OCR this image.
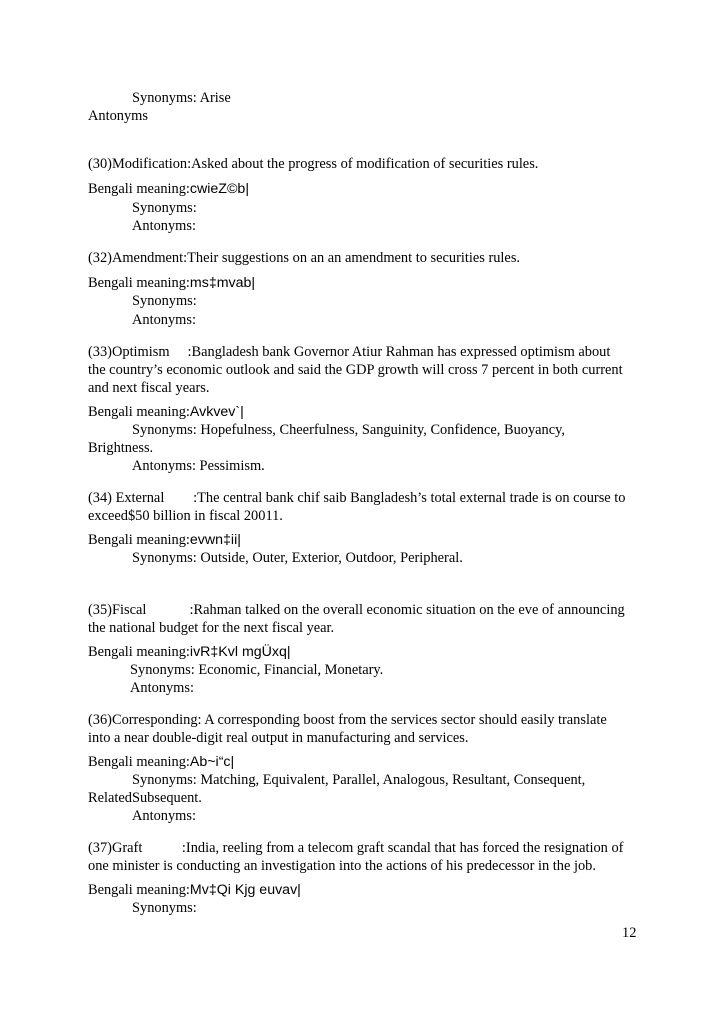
Synonyms: Arise
Antonyms
(30)Modification:Asked about the progress of modification of securities rules.
Bengali meaning:cwieZ©b|
Synonyms:
Antonyms:
(32)Amendment:Their suggestions on an an amendment to securities rules.
Bengali meaning:ms‡mvab|
Synonyms:
Antonyms:
(33)Optimism     :Bangladesh bank Governor Atiur Rahman has expressed optimism about
the country’s economic outlook and said the GDP growth will cross 7 percent in both current
and next fiscal years.
Bengali meaning:Avkvev`|
Synonyms: Hopefulness, Cheerfulness, Sanguinity, Confidence, Buoyancy,
Brightness.
Antonyms: Pessimism.
(34) External        :The central bank chif saib Bangladesh’s total external trade is on course to
exceed$50 billion in fiscal 20011.
Bengali meaning:evwn‡ii|
Synonyms: Outside, Outer, Exterior, Outdoor, Peripheral.
(35)Fiscal            :Rahman talked on the overall economic situation on the eve of announcing
the national budget for the next fiscal year.
Bengali meaning:ivR‡Kvl mgÜxq|
Synonyms: Economic, Financial, Monetary.
Antonyms:
(36)Corresponding: A corresponding boost from the services sector should easily translate
into a near double-digit real output in manufacturing and services.
Bengali meaning:Ab~i“c|
Synonyms: Matching, Equivalent, Parallel, Analogous, Resultant, Consequent,
RelatedSubsequent.
Antonyms:
(37)Graft           :India, reeling from a telecom graft scandal that has forced the resignation of
one minister is conducting an investigation into the actions of his predecessor in the job.
Bengali meaning:Mv‡Qi Kjg euvav|
Synonyms:
12
